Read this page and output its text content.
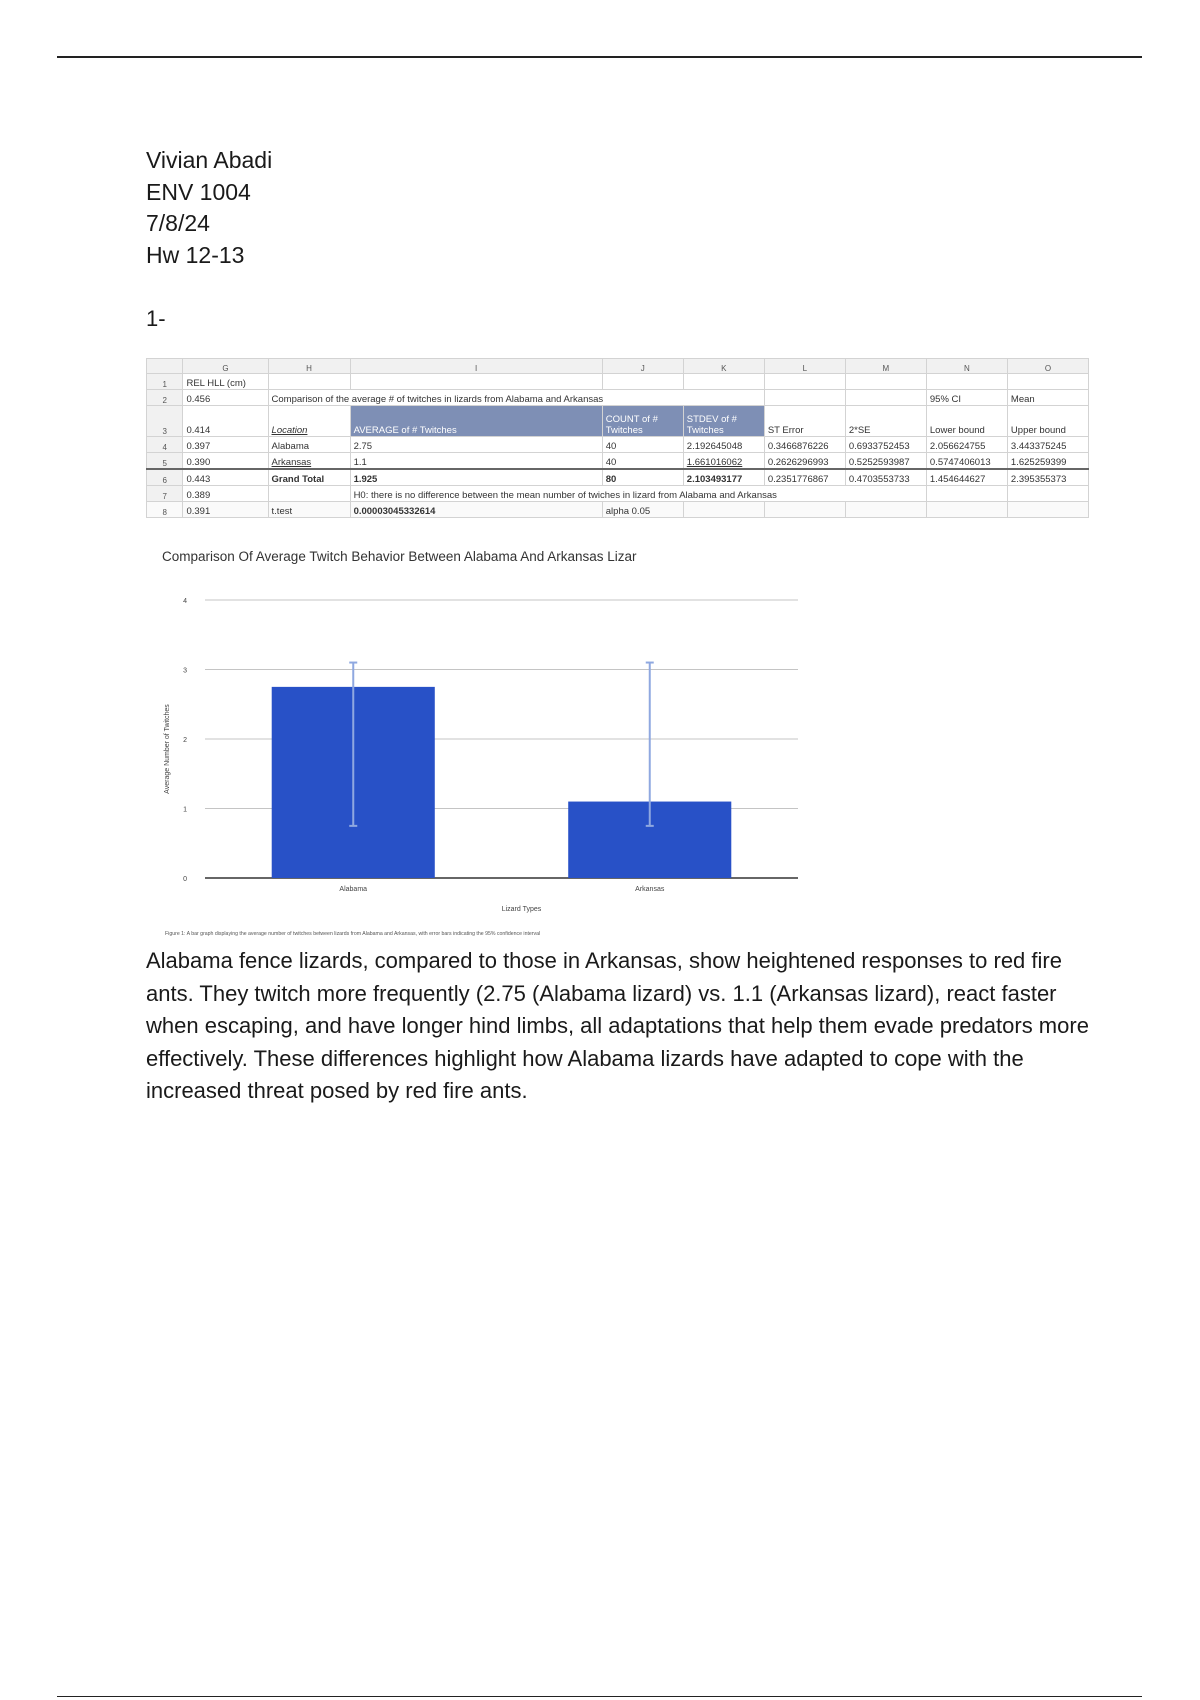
Vivian Abadi
ENV 1004
7/8/24
Hw 12-13
1-
	G	H	I	J	K	L	M	N	O
1	REL HLL (cm)								
2	0.456	Comparison of the average # of twitches in lizards from Alabama and Arkansas						95% CI	Mean
3	0.414	Location	AVERAGE of # Twitches	COUNT of # Twitches	STDEV of # Twitches	ST Error	2*SE	Lower bound	Upper bound
4	0.397	Alabama	2.75	40	2.192645048	0.3466876226	0.6933752453	2.056624755	3.443375245
5	0.390	Arkansas	1.1	40	1.661016062	0.2626296993	0.5252593987	0.5747406013	1.625259399
6	0.443	Grand Total	1.925	80	2.103493177	0.2351776867	0.4703553733	1.454644627	2.395355373
7	0.389		H0: there is no difference between the mean number of twiches in lizard from Alabama and Arkansas						
8	0.391	t.test	0.00003045332614	alpha 0.05					
Comparison Of Average Twitch Behavior Between Alabama And Arkansas Lizar
0
1
2
3
4
Alabama	Arkansas
Lizard Types
Average Number of Twitches
Figure 1: A bar graph displaying the average number of twitches between lizards from Alabama and Arkansas, with error bars indicating the 95% confidence interval
Alabama fence lizards, compared to those in Arkansas, show heightened responses to red fire ants. They twitch more frequently (2.75 (Alabama lizard) vs. 1.1 (Arkansas lizard), react faster when escaping, and have longer hind limbs, all adaptations that help them evade predators more effectively. These differences highlight how Alabama lizards have adapted to cope with the increased threat posed by red fire ants.
